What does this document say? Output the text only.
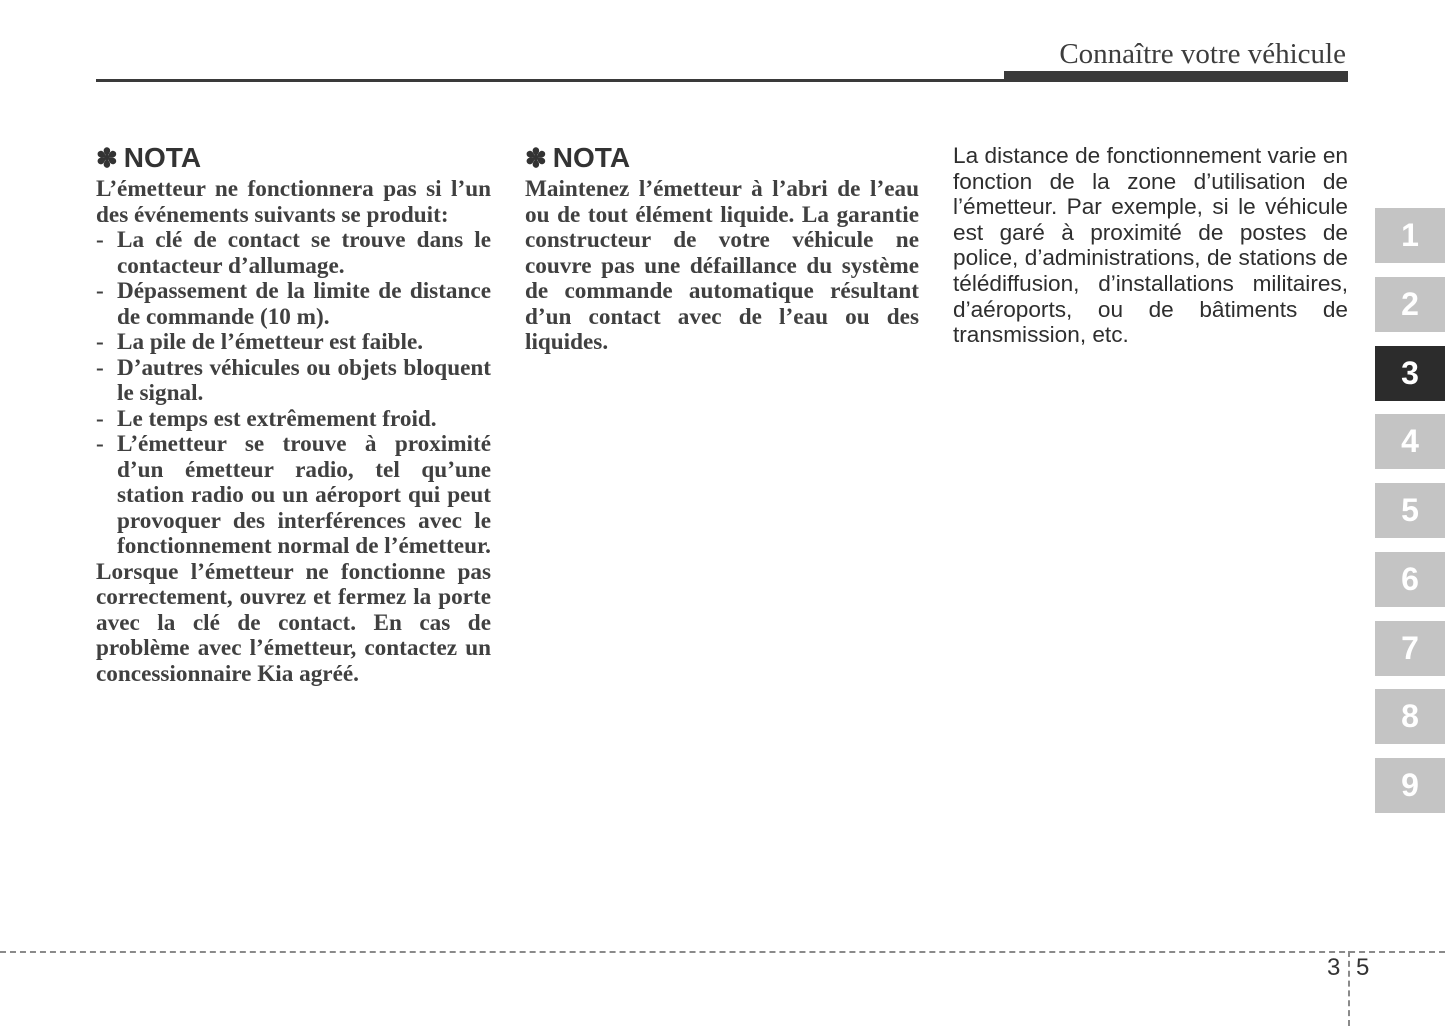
Connaître votre véhicule
✽ NOTA

L’émetteur ne fonctionnera pas si l’un des événements suivants se produit:

- La clé de contact se trouve dans le contacteur d’allumage.
- Dépassement de la limite de distance de commande (10 m).
- La pile de l’émetteur est faible.
- D’autres véhicules ou objets bloquent le signal.
- Le temps est extrêmement froid.
- L’émetteur se trouve à proximité d’un émetteur radio, tel qu’une station radio ou un aéroport qui peut provoquer des interférences avec le fonctionnement normal de l’émetteur.

Lorsque l’émetteur ne fonctionne pas correctement, ouvrez et fermez la porte avec la clé de contact. En cas de problème avec l’émetteur, contactez un concessionnaire Kia agréé.

✽ NOTA

Maintenez l’émetteur à l’abri de l’eau ou de tout élément liquide. La garantie constructeur de votre véhicule ne couvre pas une défaillance du système de commande automatique résultant d’un contact avec de l’eau ou des liquides.

La distance de fonctionnement varie en fonction de la zone d’utilisation de l’émetteur. Par exemple, si le véhicule est garé à proximité de postes de police, d’administrations, de stations de télédiffusion, d’installations militaires, d’aéroports, ou de bâtiments de transmission, etc.

1
2
3
4
5
6
7
8
9
3 5
